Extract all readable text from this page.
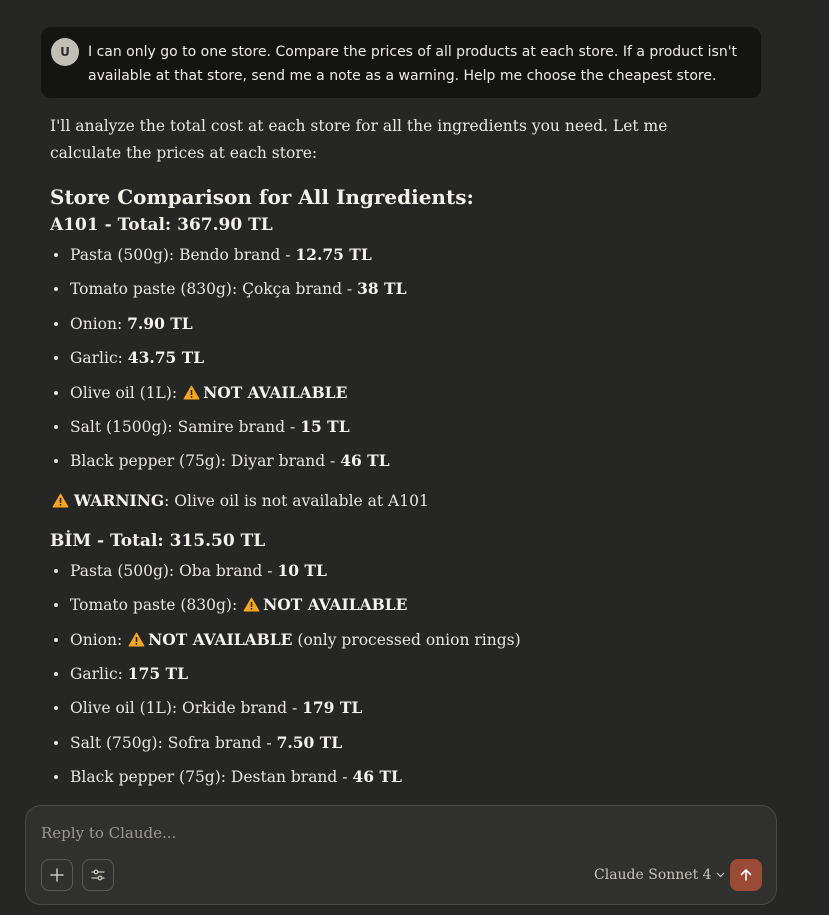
U	I can only go to one store. Compare the prices of all products at each store. If a product isn't available at that store, send me a note as a warning. Help me choose the cheapest store.

I'll analyze the total cost at each store for all the ingredients you need. Let me calculate the prices at each store:

Store Comparison for All Ingredients:
A101 - Total: 367.90 TL
Pasta (500g): Bendo brand - 12.75 TL
Tomato paste (830g): Çokça brand - 38 TL
Onion: 7.90 TL
Garlic: 43.75 TL
Olive oil (1L): NOT AVAILABLE
Salt (1500g): Samire brand - 15 TL
Black pepper (75g): Diyar brand - 46 TL
WARNING: Olive oil is not available at A101
BİM - Total: 315.50 TL
Pasta (500g): Oba brand - 10 TL
Tomato paste (830g): NOT AVAILABLE
Onion: NOT AVAILABLE (only processed onion rings)
Garlic: 175 TL
Olive oil (1L): Orkide brand - 179 TL
Salt (750g): Sofra brand - 7.50 TL
Black pepper (75g): Destan brand - 46 TL
Reply to Claude...
Claude Sonnet 4
